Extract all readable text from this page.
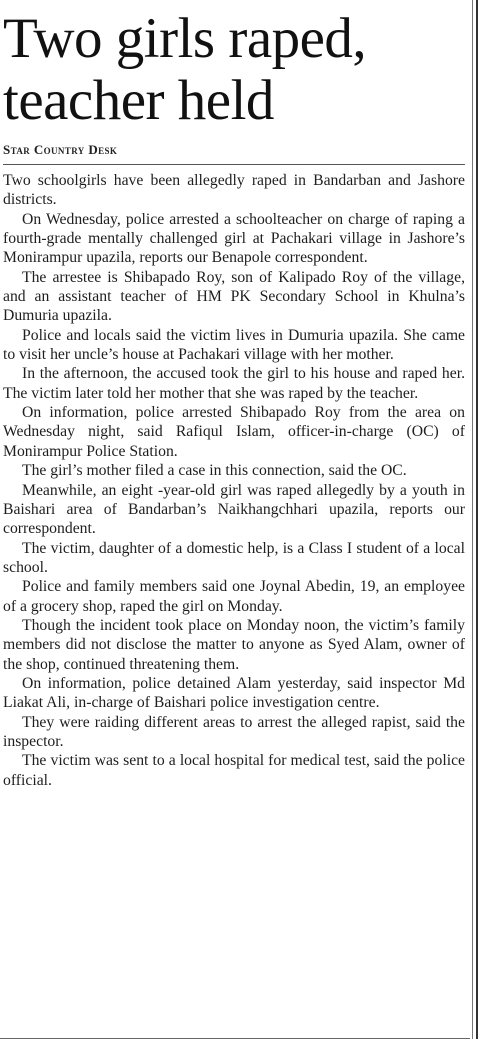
Two girls raped, teacher held
Star Country Desk

Two schoolgirls have been allegedly raped in Bandarban and Jashore districts.

On Wednesday, police arrested a schoolteacher on charge of raping a fourth-grade mentally challenged girl at Pachakari village in Jashore’s Monirampur upazila, reports our Benapole correspondent.

The arrestee is Shibapado Roy, son of Kalipado Roy of the village, and an assistant teacher of HM PK Secondary School in Khulna’s Dumuria upazila.

Police and locals said the victim lives in Dumuria upazila. She came to visit her uncle’s house at Pachakari village with her mother.

In the afternoon, the accused took the girl to his house and raped her. The victim later told her mother that she was raped by the teacher.

On information, police arrested Shibapado Roy from the area on Wednesday night, said Rafiqul Islam, officer-in-charge (OC) of Monirampur Police Station.

The girl’s mother filed a case in this connection, said the OC.

Meanwhile, an eight -year-old girl was raped allegedly by a youth in Baishari area of Bandarban’s Naikhangchhari upazila, reports our correspondent.

The victim, daughter of a domestic help, is a Class I student of a local school.

Police and family members said one Joynal Abedin, 19, an employee of a grocery shop, raped the girl on Monday.

Though the incident took place on Monday noon, the victim’s family members did not disclose the matter to anyone as Syed Alam, owner of the shop, continued threatening them.

On information, police detained Alam yesterday, said inspector Md Liakat Ali, in-charge of Baishari police investigation centre.

They were raiding different areas to arrest the alleged rapist, said the inspector.

The victim was sent to a local hospital for medical test, said the police official.
